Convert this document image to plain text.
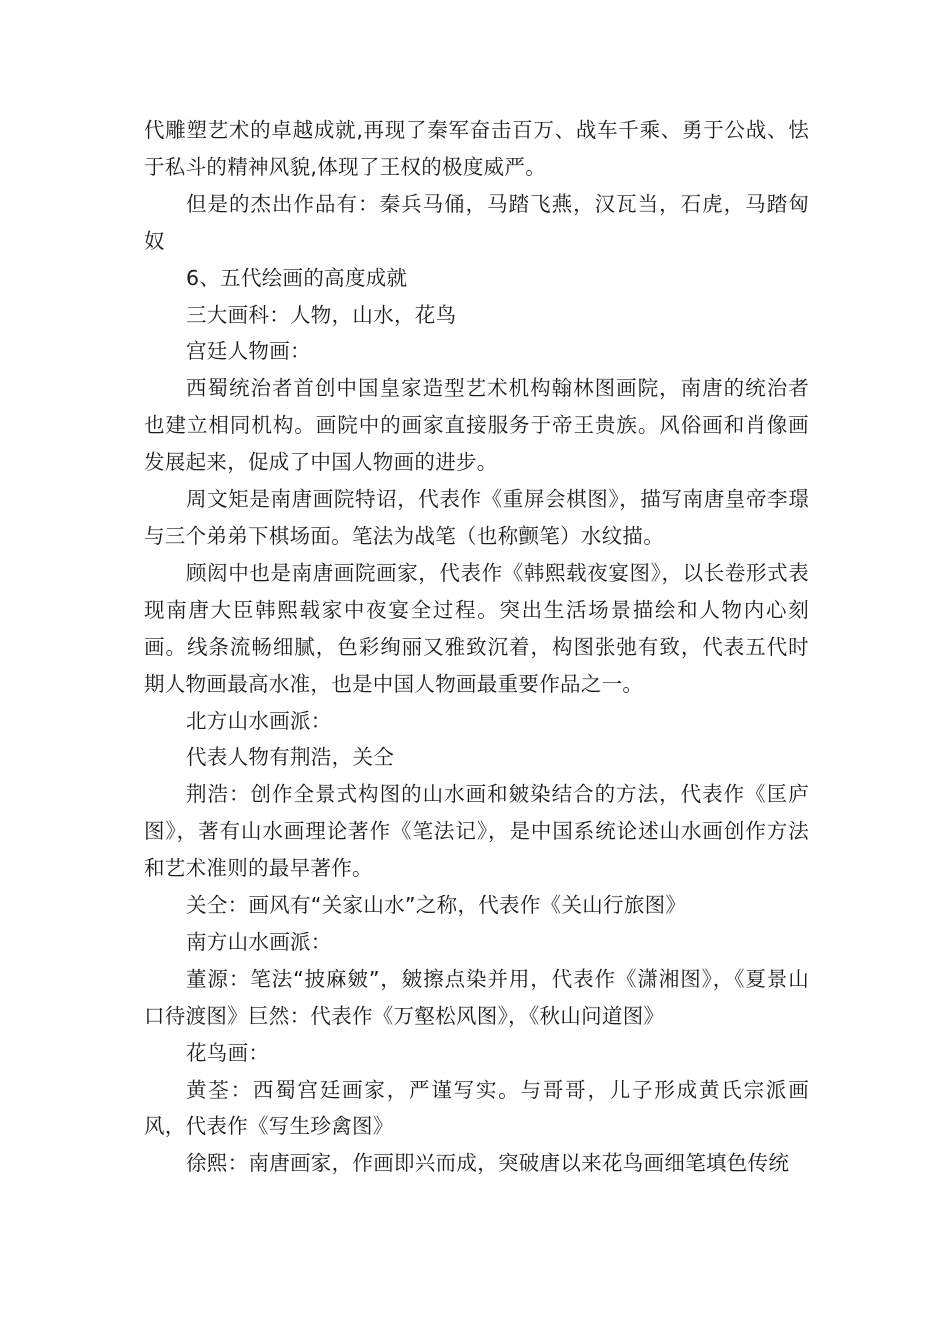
代雕塑艺术的卓越成就,再现了秦军奋击百万、战车千乘、勇于公战、怯于私斗的精神风貌,体现了王权的极度威严。

但是的杰出作品有：秦兵马俑，马踏飞燕，汉瓦当，石虎，马踏匈奴

6、五代绘画的高度成就

三大画科：人物，山水，花鸟

宫廷人物画：

西蜀统治者首创中国皇家造型艺术机构翰林图画院，南唐的统治者也建立相同机构。画院中的画家直接服务于帝王贵族。风俗画和肖像画发展起来，促成了中国人物画的进步。

周文矩是南唐画院特诏，代表作《重屏会棋图》，描写南唐皇帝李璟与三个弟弟下棋场面。笔法为战笔（也称颤笔）水纹描。

顾闳中也是南唐画院画家，代表作《韩熙载夜宴图》，以长卷形式表现南唐大臣韩熙载家中夜宴全过程。突出生活场景描绘和人物内心刻画。线条流畅细腻，色彩绚丽又雅致沉着，构图张弛有致，代表五代时期人物画最高水准，也是中国人物画最重要作品之一。

北方山水画派：

代表人物有荆浩，关仝

荆浩：创作全景式构图的山水画和皴染结合的方法，代表作《匡庐图》，著有山水画理论著作《笔法记》，是中国系统论述山水画创作方法和艺术准则的最早著作。

关仝：画风有“关家山水”之称，代表作《关山行旅图》

南方山水画派：

董源：笔法“披麻皴”，皴擦点染并用，代表作《潇湘图》，《夏景山口待渡图》巨然：代表作《万壑松风图》，《秋山问道图》

花鸟画：

黄荃：西蜀宫廷画家，严谨写实。与哥哥，儿子形成黄氏宗派画风，代表作《写生珍禽图》

徐熙：南唐画家，作画即兴而成，突破唐以来花鸟画细笔填色传统
